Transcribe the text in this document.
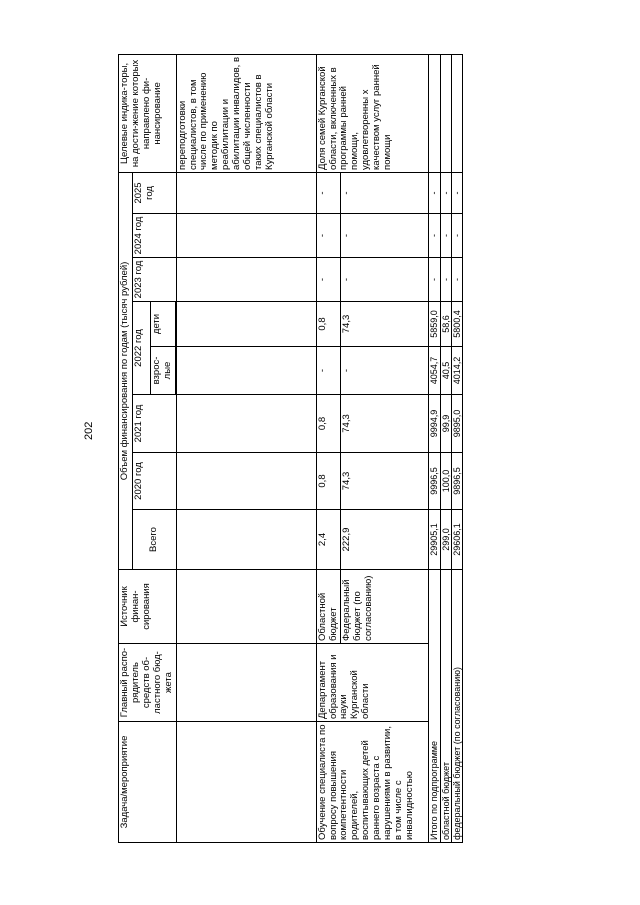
202
Задача/мероприятие	Главный распо-рядитель средств об-ластного бюд-жета	Источник финан-сирования	Объем финансирования по годам (тысяч рублей)								Целевые индика-торы, на дости-жение которых направлено фи-нансирование
			Всего	2020 год	2021 год	2022 год		2023 год	2024 год	2025 год	
						взрос-лые	дети				

											переподготовки специалистов, в том числе по применению методик по реабилитации и абилитации инвалидов, в общей численности таких специалистов в Курганской области
Обучение специалиста по вопросу повышения компетентности родителей, воспитывающих детей раннего возраста с нарушениями в развитии, в том числе с инвалидностью	Департамент образования и науки Курганской области	Областной бюджет	2,4	0,8	0,8	-	0,8	-	-	-	Доля семей Курганской области, включенных в программы ранней помощи, удовлетворенны х качеством услуг ранней помощи
		Федеральный бюджет (по согласованию)	222,9	74,3	74,3	-	74,3	-	-	-	
Итого по подпрограмме			29905,1	9996,5	9994,9	4054,7	5859,0	-	-	-	
областной бюджет			299,0	100,0	99,9	40,5	58,6	-	-	-	
федеральный бюджет (по согласованию)			29606,1	9896,5	9895,0	4014,2	5800,4	-	-	-	
